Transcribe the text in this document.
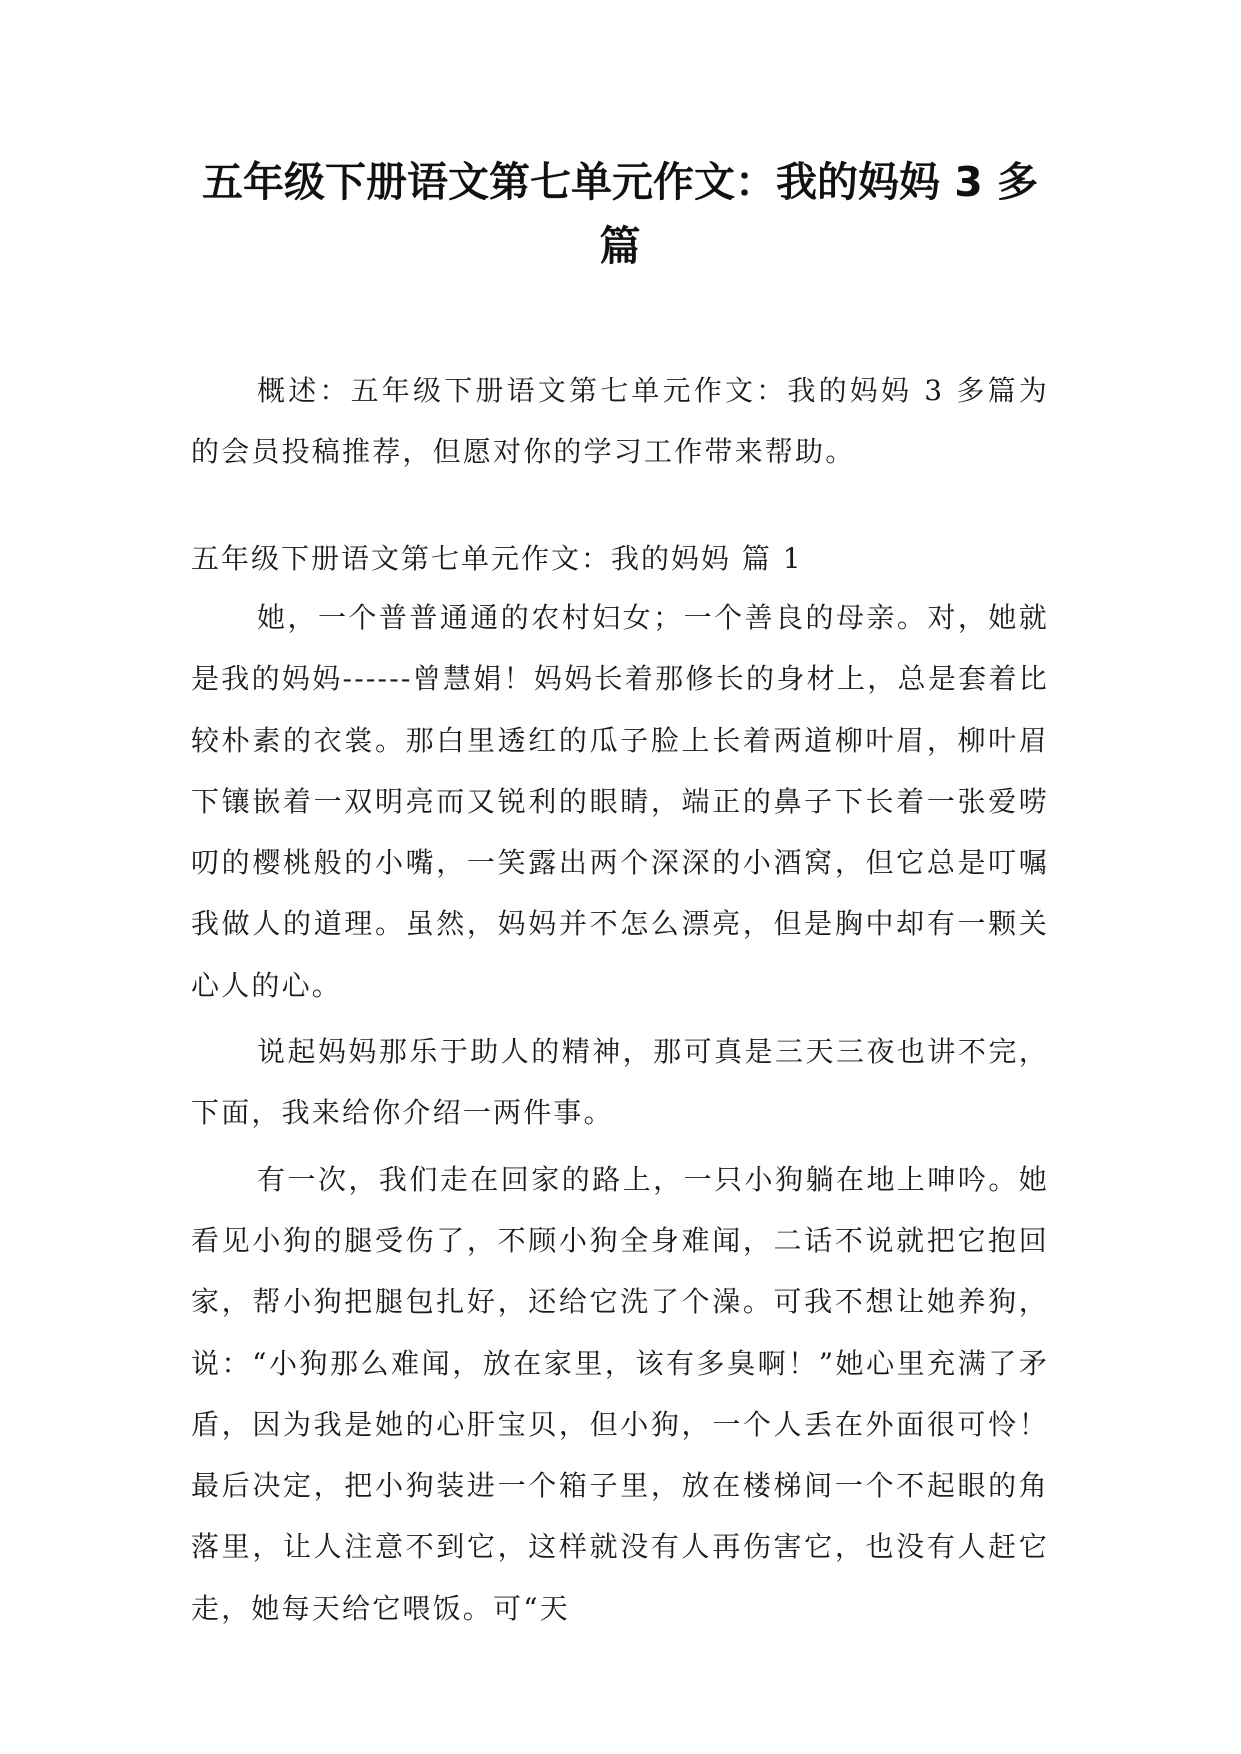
五年级下册语文第七单元作文：我的妈妈 3 多篇

概述：五年级下册语文第七单元作文：我的妈妈 3 多篇为的会员投稿推荐，但愿对你的学习工作带来帮助。

五年级下册语文第七单元作文：我的妈妈 篇 1

她，一个普普通通的农村妇女；一个善良的母亲。对，她就是我的妈妈------曾慧娟！妈妈长着那修长的身材上，总是套着比较朴素的衣裳。那白里透红的瓜子脸上长着两道柳叶眉，柳叶眉下镶嵌着一双明亮而又锐利的眼睛，端正的鼻子下长着一张爱唠叨的樱桃般的小嘴，一笑露出两个深深的小酒窝，但它总是叮嘱我做人的道理。虽然，妈妈并不怎么漂亮，但是胸中却有一颗关心人的心。

说起妈妈那乐于助人的精神，那可真是三天三夜也讲不完，下面，我来给你介绍一两件事。

有一次，我们走在回家的路上，一只小狗躺在地上呻吟。她看见小狗的腿受伤了，不顾小狗全身难闻，二话不说就把它抱回家，帮小狗把腿包扎好，还给它洗了个澡。可我不想让她养狗，说：“小狗那么难闻，放在家里，该有多臭啊！”她心里充满了矛盾，因为我是她的心肝宝贝，但小狗，一个人丢在外面很可怜！最后决定，把小狗装进一个箱子里，放在楼梯间一个不起眼的角落里，让人注意不到它，这样就没有人再伤害它，也没有人赶它走，她每天给它喂饭。可“天
